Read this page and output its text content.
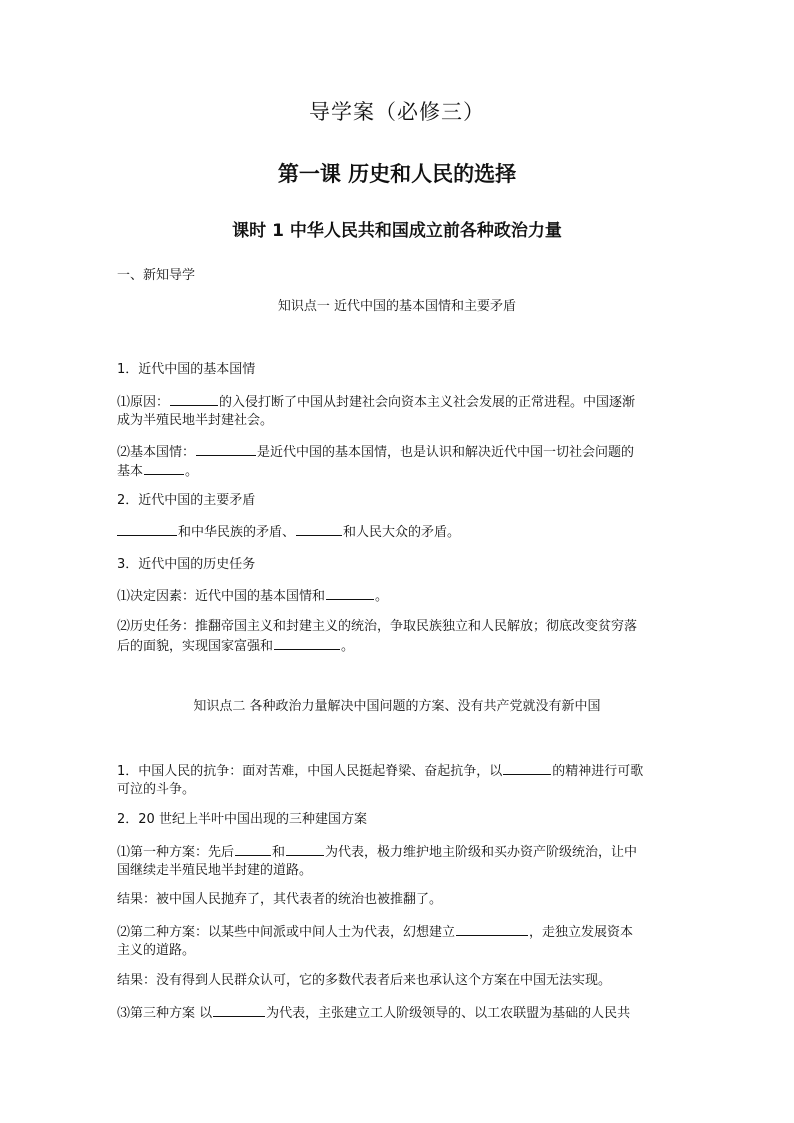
导学案（必修三）
第一课 历史和人民的选择
课时 1 中华人民共和国成立前各种政治力量
一、新知导学
知识点一 近代中国的基本国情和主要矛盾
1．近代中国的基本国情
⑴原因：	的入侵打断了中国从封建社会向资本主义社会发展的正常进程。中国逐渐
成为半殖民地半封建社会。
⑵基本国情：	是近代中国的基本国情，也是认识和解决近代中国一切社会问题的
基本	。
2．近代中国的主要矛盾
和中华民族的矛盾、	和人民大众的矛盾。
3．近代中国的历史任务
⑴决定因素：近代中国的基本国情和	。
⑵历史任务：推翻帝国主义和封建主义的统治，争取民族独立和人民解放；彻底改变贫穷落
后的面貌，实现国家富强和	。
知识点二 各种政治力量解决中国问题的方案、没有共产党就没有新中国
1．中国人民的抗争：面对苦难，中国人民挺起脊梁、奋起抗争，以	的精神进行可歌
可泣的斗争。
2．20 世纪上半叶中国出现的三种建国方案
⑴第一种方案：先后	和	为代表，极力维护地主阶级和买办资产阶级统治，让中
国继续走半殖民地半封建的道路。
结果：被中国人民抛弃了，其代表者的统治也被推翻了。
⑵第二种方案：以某些中间派或中间人士为代表，幻想建立	，走独立发展资本
主义的道路。
结果：没有得到人民群众认可，它的多数代表者后来也承认这个方案在中国无法实现。
⑶第三种方案 以	为代表，主张建立工人阶级领导的、以工农联盟为基础的人民共
